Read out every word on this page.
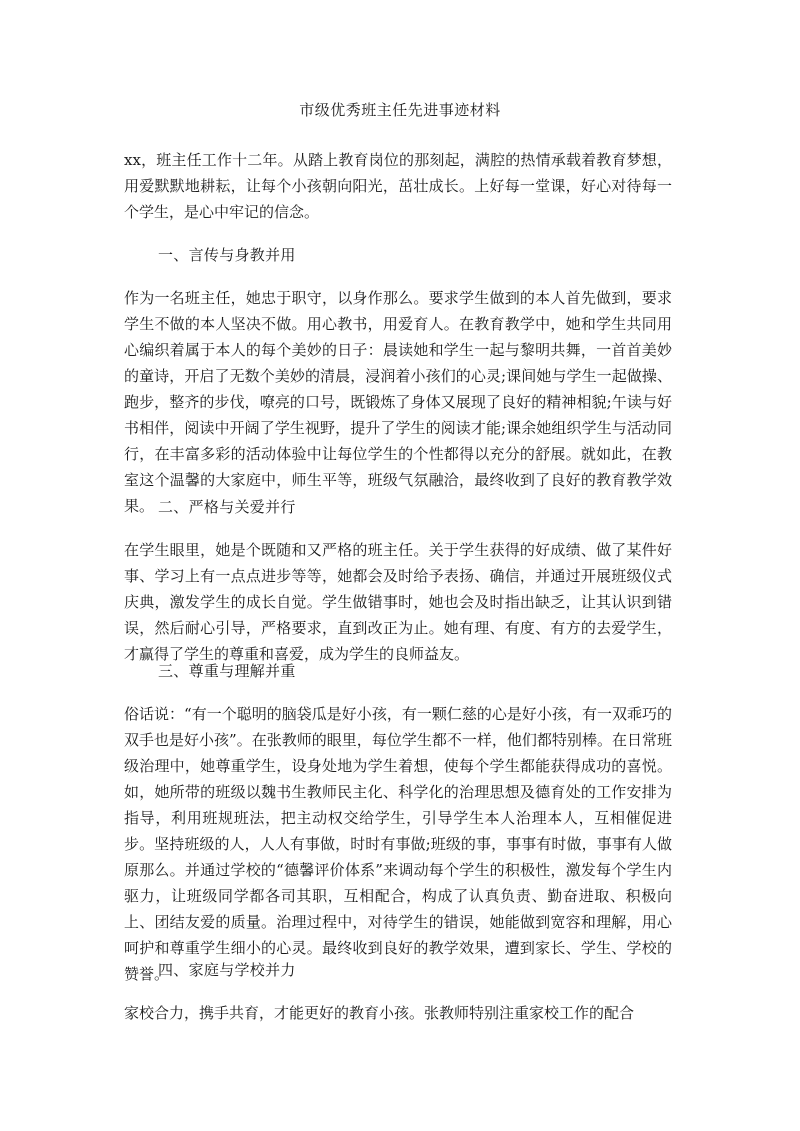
市级优秀班主任先进事迹材料

xx，班主任工作十二年。从踏上教育岗位的那刻起，满腔的热情承载着教育梦想，用爱默默地耕耘，让每个小孩朝向阳光，茁壮成长。上好每一堂课，好心对待每一个学生，是心中牢记的信念。

一、言传与身教并用

作为一名班主任，她忠于职守，以身作那么。要求学生做到的本人首先做到，要求学生不做的本人坚决不做。用心教书，用爱育人。在教育教学中，她和学生共同用心编织着属于本人的每个美妙的日子：晨读她和学生一起与黎明共舞，一首首美妙的童诗，开启了无数个美妙的清晨，浸润着小孩们的心灵;课间她与学生一起做操、跑步，整齐的步伐，嘹亮的口号，既锻炼了身体又展现了良好的精神相貌;午读与好书相伴，阅读中开阔了学生视野，提升了学生的阅读才能;课余她组织学生与活动同行，在丰富多彩的活动体验中让每位学生的个性都得以充分的舒展。就如此，在教室这个温馨的大家庭中，师生平等，班级气氛融洽，最终收到了良好的教育教学效果。 二、严格与关爱并行

在学生眼里，她是个既随和又严格的班主任。关于学生获得的好成绩、做了某件好事、学习上有一点点进步等等，她都会及时给予表扬、确信，并通过开展班级仪式庆典，激发学生的成长自觉。学生做错事时，她也会及时指出缺乏，让其认识到错误，然后耐心引导，严格要求，直到改正为止。她有理、有度、有方的去爱学生，才赢得了学生的尊重和喜爱，成为学生的良师益友。

三、尊重与理解并重

俗话说：“有一个聪明的脑袋瓜是好小孩，有一颗仁慈的心是好小孩，有一双乖巧的双手也是好小孩”。在张教师的眼里，每位学生都不一样，他们都特别棒。在日常班级治理中，她尊重学生，设身处地为学生着想，使每个学生都能获得成功的喜悦。如，她所带的班级以魏书生教师民主化、科学化的治理思想及德育处的工作安排为指导，利用班规班法，把主动权交给学生，引导学生本人治理本人，互相催促进步。坚持班级的人，人人有事做，时时有事做;班级的事，事事有时做，事事有人做原那么。并通过学校的“德馨评价体系”来调动每个学生的积极性，激发每个学生内驱力，让班级同学都各司其职，互相配合，构成了认真负责、勤奋进取、积极向上、团结友爱的质量。治理过程中，对待学生的错误，她能做到宽容和理解，用心呵护和尊重学生细小的心灵。最终收到良好的教学效果，遭到家长、学生、学校的赞誉。

四、家庭与学校并力

家校合力，携手共育，才能更好的教育小孩。张教师特别注重家校工作的配合
